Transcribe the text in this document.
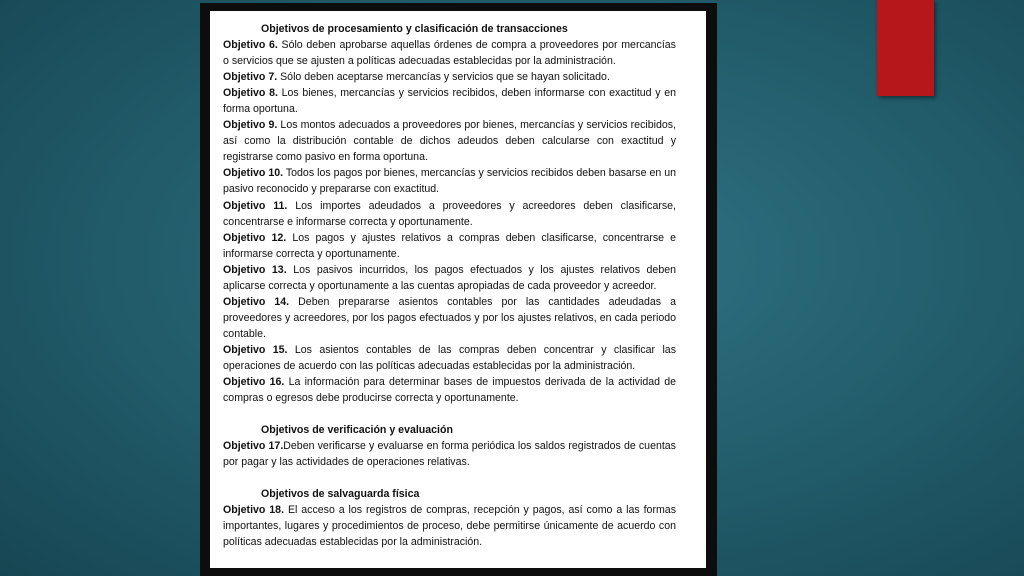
Objetivos de procesamiento y clasificación de transacciones

Objetivo 6. Sólo deben aprobarse aquellas órdenes de compra a proveedores por mercancías o servicios que se ajusten a políticas adecuadas establecidas por la administración.

Objetivo 7. Sólo deben aceptarse mercancías y servicios que se hayan solicitado.

Objetivo 8. Los bienes, mercancías y servicios recibidos, deben informarse con exactitud y en forma oportuna.

Objetivo 9. Los montos adecuados a proveedores por bienes, mercancías y servicios recibidos, así como la distribución contable de dichos adeudos deben calcularse con exactitud y registrarse como pasivo en forma oportuna.

Objetivo 10. Todos los pagos por bienes, mercancías y servicios recibidos deben basarse en un pasivo reconocido y prepararse con exactitud.

Objetivo 11. Los importes adeudados a proveedores y acreedores deben clasificarse, concentrarse e informarse correcta y oportunamente.

Objetivo 12. Los pagos y ajustes relativos a compras deben clasificarse, concentrarse e informarse correcta y oportunamente.

Objetivo 13. Los pasivos incurridos, los pagos efectuados y los ajustes relativos deben aplicarse correcta y oportunamente a las cuentas apropiadas de cada proveedor y acreedor.

Objetivo 14. Deben prepararse asientos contables por las cantidades adeudadas a proveedores y acreedores, por los pagos efectuados y por los ajustes relativos, en cada periodo contable.

Objetivo 15. Los asientos contables de las compras deben concentrar y clasificar las operaciones de acuerdo con las políticas adecuadas establecidas por la administración.

Objetivo 16. La información para determinar bases de impuestos derivada de la actividad de compras o egresos debe producirse correcta y oportunamente.

Objetivos de verificación y evaluación

Objetivo 17.Deben verificarse y evaluarse en forma periódica los saldos registrados de cuentas por pagar y las actividades de operaciones relativas.

Objetivos de salvaguarda física

Objetivo 18. El acceso a los registros de compras, recepción y pagos, así como a las formas importantes, lugares y procedimientos de proceso, debe permitirse únicamente de acuerdo con políticas adecuadas establecidas por la administración.
